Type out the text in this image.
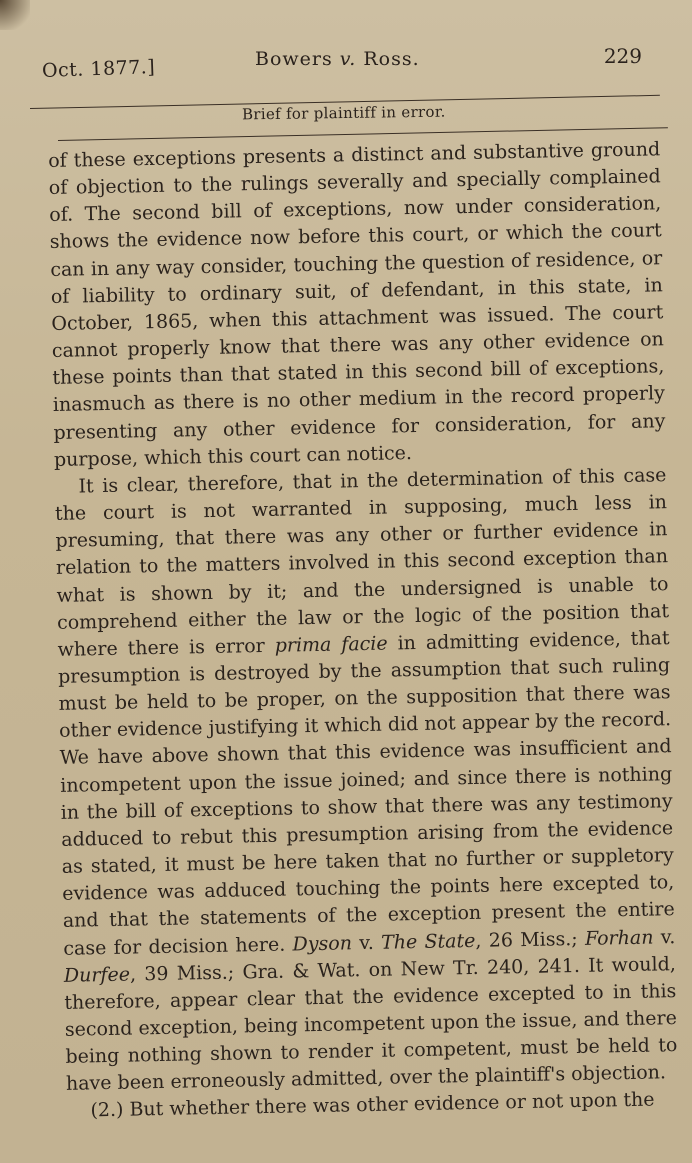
Oct. 1877.]	Bowers v. Ross.	229
Brief for plaintiff in error.

of these exceptions presents a distinct and substantive ground of objection to the rulings severally and specially complained of. The second bill of exceptions, now under consideration, shows the evidence now before this court, or which the court can in any way consider, touching the question of residence, or of liability to ordinary suit, of defendant, in this state, in October, 1865, when this attachment was issued. The court cannot properly know that there was any other evidence on these points than that stated in this second bill of exceptions, inasmuch as there is no other medium in the record properly presenting any other evidence for consideration, for any purpose, which this court can notice.

It is clear, therefore, that in the determination of this case the court is not warranted in supposing, much less in presuming, that there was any other or further evidence in relation to the matters involved in this second exception than what is shown by it; and the undersigned is unable to comprehend either the law or the logic of the position that where there is error prima facie in admitting evidence, that presumption is destroyed by the assumption that such ruling must be held to be proper, on the supposition that there was other evidence justifying it which did not appear by the record. We have above shown that this evidence was insufficient and incompetent upon the issue joined; and since there is nothing in the bill of exceptions to show that there was any testimony adduced to rebut this presumption arising from the evidence as stated, it must be here taken that no further or suppletory evidence was adduced touching the points here excepted to, and that the statements of the exception present the entire case for decision here. Dyson v. The State, 26 Miss.; Forhan v. Durfee, 39 Miss.; Gra. & Wat. on New Tr. 240, 241. It would, therefore, appear clear that the evidence excepted to in this second exception, being incompetent upon the issue, and there being nothing shown to render it competent, must be held to have been erroneously admitted, over the plaintiff's objection.

(2.) But whether there was other evidence or not upon the
